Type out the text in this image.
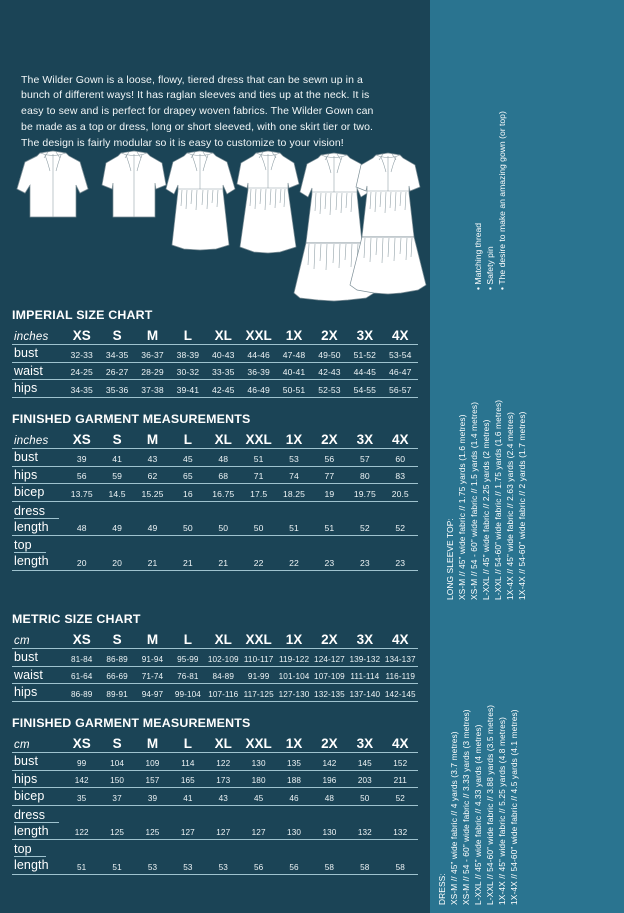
The Wilder Gown is a loose, flowy, tiered dress that can be sewn up in a bunch of different ways! It has raglan sleeves and ties up at the neck. It is easy to sew and is perfect for drapey woven fabrics. The Wilder Gown can be made as a top or dress, long or short sleeved, with one skirt tier or two. The design is fairly modular so it is easy to customize to your vision!

IMPERIAL SIZE CHART
inches	XS	S	M	L	XL	XXL	1X	2X	3X	4X
bust	32-33	34-35	36-37	38-39	40-43	44-46	47-48	49-50	51-52	53-54
waist	24-25	26-27	28-29	30-32	33-35	36-39	40-41	42-43	44-45	46-47
hips	34-35	35-36	37-38	39-41	42-45	46-49	50-51	52-53	54-55	56-57
FINISHED GARMENT MEASUREMENTS
inches	XS	S	M	L	XL	XXL	1X	2X	3X	4X
bust	39	41	43	45	48	51	53	56	57	60
hips	56	59	62	65	68	71	74	77	80	83
bicep	13.75	14.5	15.25	16	16.75	17.5	18.25	19	19.75	20.5
dress										
length	48	49	49	50	50	50	51	51	52	52
top										
length	20	20	21	21	21	22	22	23	23	23
METRIC SIZE CHART
cm	XS	S	M	L	XL	XXL	1X	2X	3X	4X
bust	81-84	86-89	91-94	95-99	102-109	110-117	119-122	124-127	139-132	134-137
waist	61-64	66-69	71-74	76-81	84-89	91-99	101-104	107-109	111-114	116-119
hips	86-89	89-91	94-97	99-104	107-116	117-125	127-130	132-135	137-140	142-145
FINISHED GARMENT MEASUREMENTS
cm	XS	S	M	L	XL	XXL	1X	2X	3X	4X
bust	99	104	109	114	122	130	135	142	145	152
hips	142	150	157	165	173	180	188	196	203	211
bicep	35	37	39	41	43	45	46	48	50	52
dress										
length	122	125	125	127	127	127	130	130	132	132
top										
length	51	51	53	53	53	56	56	58	58	58
• Matching thread
• Safety pin
• The desire to make an amazing gown (or top)
LONG SLEEVE TOP: XS-M // 45” wide fabric // 1.75 yards (1.6 metres) XS-M // 54 - 60” wide fabric // 1.5 yards (1.4 metres) L-XXL // 45” wide fabric // 2.25 yards (2 metres) L-XXL // 54-60” wide fabric // 1.75 yards (1.6 metres) 1X-4X // 45” wide fabric // 2.63 yards (2.4 metres) 1X-4X // 54-60” wide fabric // 2 yards (1.7 metres)
DRESS: XS-M // 45” wide fabric // 4 yards (3.7 metres) XS-M // 54 - 60” wide fabric // 3.33 yards (3 metres) L-XXL // 45” wide fabric // 4.33 yards (4 metres) L-XXL // 54-60” wide fabric // 3.88 yards (3.5 metres) 1X-4X // 45” wide fabric // 5.25 yards (4.8 metres) 1X-4X // 54-60” wide fabric // 4.5 yards (4.1 metres)
